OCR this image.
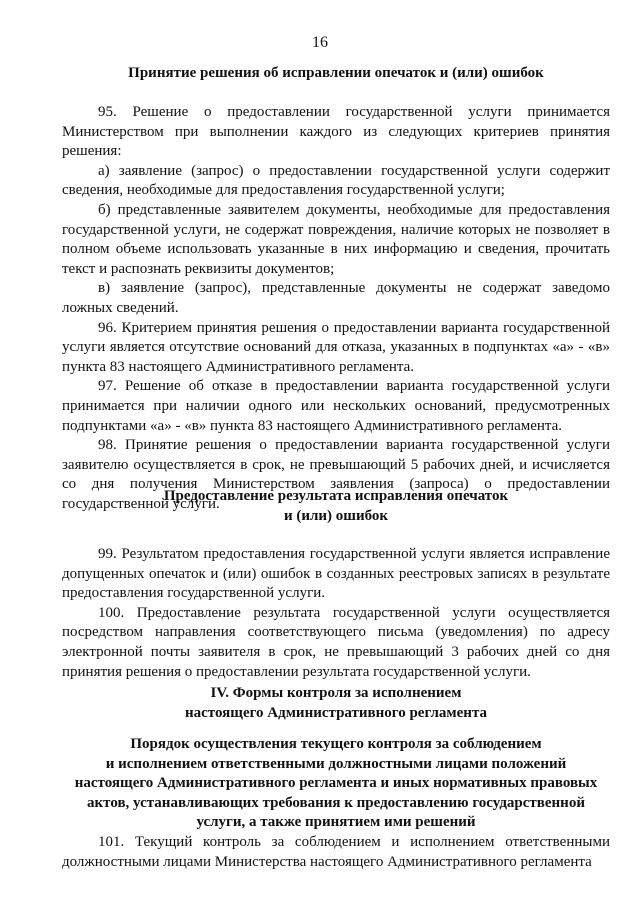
16
Принятие решения об исправлении опечаток и (или) ошибок

95. Решение о предоставлении государственной услуги принимается Министерством при выполнении каждого из следующих критериев принятия решения:

а) заявление (запрос) о предоставлении государственной услуги содержит сведения, необходимые для предоставления государственной услуги;

б) представленные заявителем документы, необходимые для предоставления государственной услуги, не содержат повреждения, наличие которых не позволяет в полном объеме использовать указанные в них информацию и сведения, прочитать текст и распознать реквизиты документов;

в) заявление (запрос), представленные документы не содержат заведомо ложных сведений.

96. Критерием принятия решения о предоставлении варианта государственной услуги является отсутствие оснований для отказа, указанных в подпунктах «а» - «в» пункта 83 настоящего Административного регламента.

97. Решение об отказе в предоставлении варианта государственной услуги принимается при наличии одного или нескольких оснований, предусмотренных подпунктами «а» - «в» пункта 83 настоящего Административного регламента.

98. Принятие решения о предоставлении варианта государственной услуги заявителю осуществляется в срок, не превышающий 5 рабочих дней, и исчисляется со дня получения Министерством заявления (запроса) о предоставлении государственной услуги.

Предоставление результата исправления опечаток
и (или) ошибок

99. Результатом предоставления государственной услуги является исправление допущенных опечаток и (или) ошибок в созданных реестровых записях в результате предоставления государственной услуги.

100. Предоставление результата государственной услуги осуществляется посредством направления соответствующего письма (уведомления) по адресу электронной почты заявителя в срок, не превышающий 3 рабочих дней со дня принятия решения о предоставлении результата государственной услуги.

IV. Формы контроля за исполнением
настоящего Административного регламента
Порядок осуществления текущего контроля за соблюдением
и исполнением ответственными должностными лицами положений
настоящего Административного регламента и иных нормативных правовых
актов, устанавливающих требования к предоставлению государственной
услуги, а также принятием ими решений

101. Текущий контроль за соблюдением и исполнением ответственными должностными лицами Министерства настоящего Административного регламента
